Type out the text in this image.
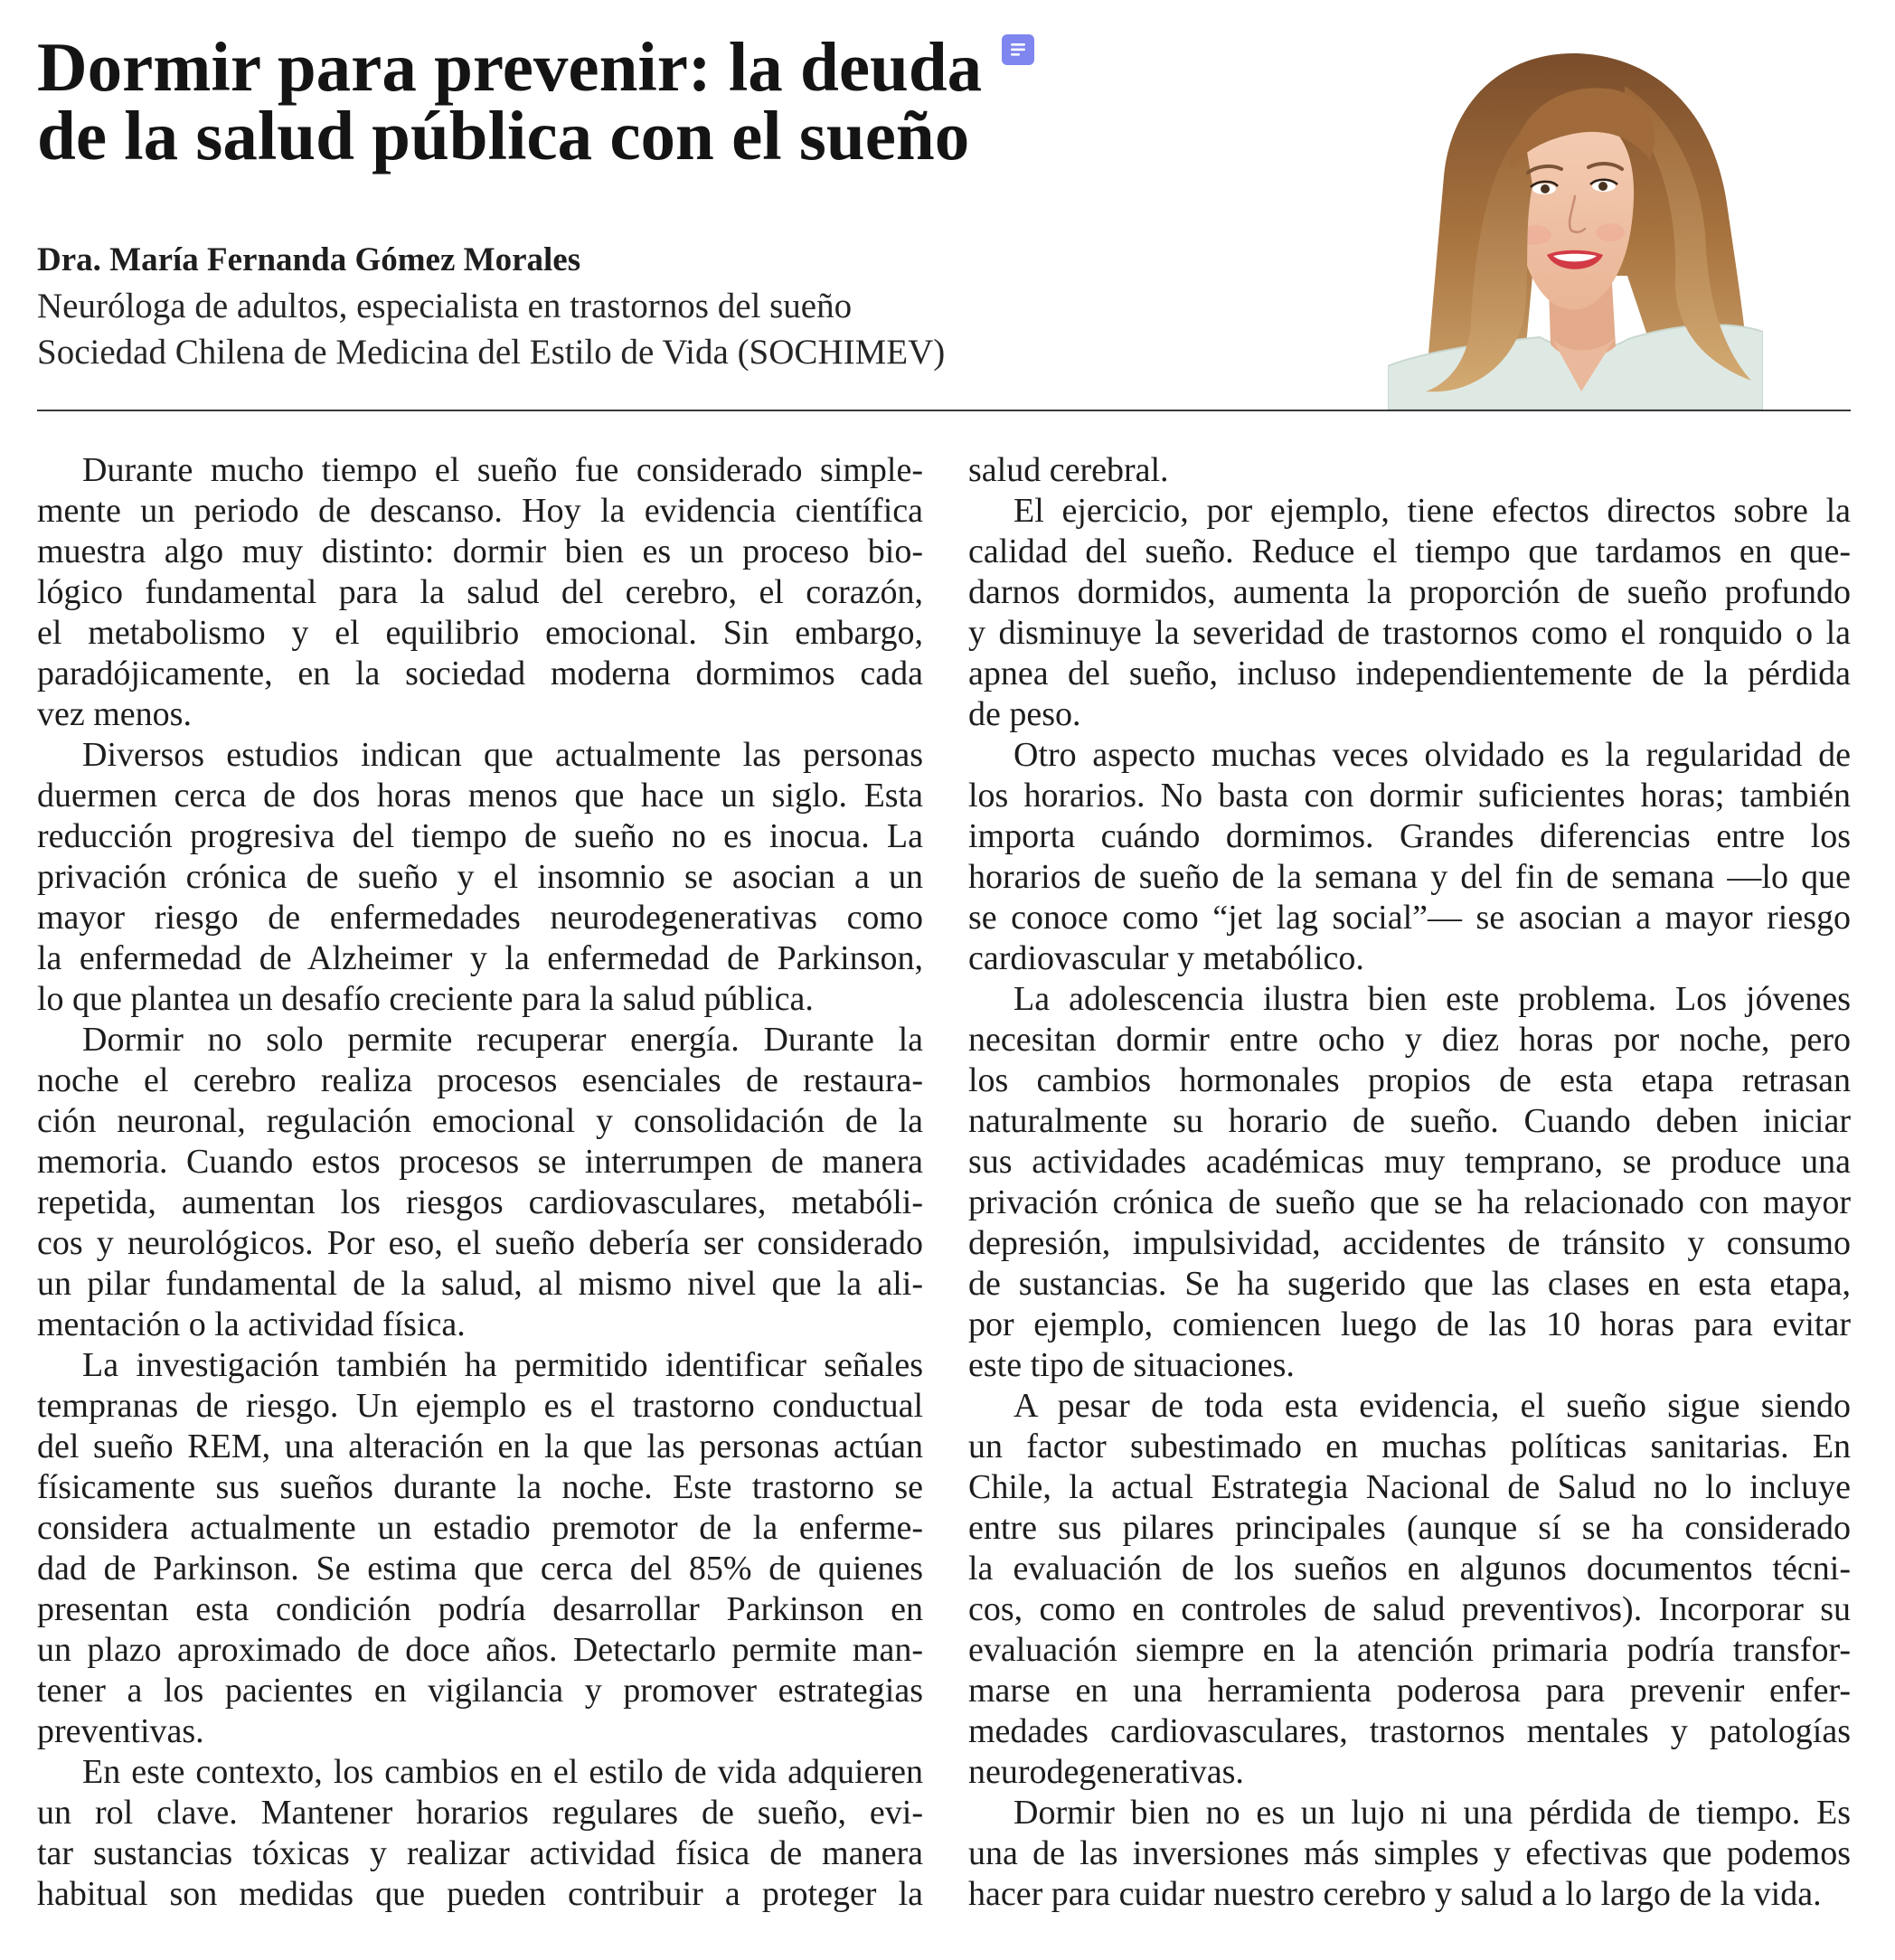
Dormir para prevenir: la deuda
de la salud pública con el sueño
Dra. María Fernanda Gómez Morales
Neuróloga de adultos, especialista en trastornos del sueño
Sociedad Chilena de Medicina del Estilo de Vida (SOCHIMEV)
Durante mucho tiempo el sueño fue considerado simple-
mente un periodo de descanso. Hoy la evidencia científica
muestra algo muy distinto: dormir bien es un proceso bio-
lógico fundamental para la salud del cerebro, el corazón,
el metabolismo y el equilibrio emocional. Sin embargo,
paradójicamente, en la sociedad moderna dormimos cada
vez menos.
Diversos estudios indican que actualmente las personas
duermen cerca de dos horas menos que hace un siglo. Esta
reducción progresiva del tiempo de sueño no es inocua. La
privación crónica de sueño y el insomnio se asocian a un
mayor riesgo de enfermedades neurodegenerativas como
la enfermedad de Alzheimer y la enfermedad de Parkinson,
lo que plantea un desafío creciente para la salud pública.
Dormir no solo permite recuperar energía. Durante la
noche el cerebro realiza procesos esenciales de restaura-
ción neuronal, regulación emocional y consolidación de la
memoria. Cuando estos procesos se interrumpen de manera
repetida, aumentan los riesgos cardiovasculares, metabóli-
cos y neurológicos. Por eso, el sueño debería ser considerado
un pilar fundamental de la salud, al mismo nivel que la ali-
mentación o la actividad física.
La investigación también ha permitido identificar señales
tempranas de riesgo. Un ejemplo es el trastorno conductual
del sueño REM, una alteración en la que las personas actúan
físicamente sus sueños durante la noche. Este trastorno se
considera actualmente un estadio premotor de la enferme-
dad de Parkinson. Se estima que cerca del 85% de quienes
presentan esta condición podría desarrollar Parkinson en
un plazo aproximado de doce años. Detectarlo permite man-
tener a los pacientes en vigilancia y promover estrategias
preventivas.
En este contexto, los cambios en el estilo de vida adquieren
un rol clave. Mantener horarios regulares de sueño, evi-
tar sustancias tóxicas y realizar actividad física de manera
habitual son medidas que pueden contribuir a proteger la
salud cerebral.
El ejercicio, por ejemplo, tiene efectos directos sobre la
calidad del sueño. Reduce el tiempo que tardamos en que-
darnos dormidos, aumenta la proporción de sueño profundo
y disminuye la severidad de trastornos como el ronquido o la
apnea del sueño, incluso independientemente de la pérdida
de peso.
Otro aspecto muchas veces olvidado es la regularidad de
los horarios. No basta con dormir suficientes horas; también
importa cuándo dormimos. Grandes diferencias entre los
horarios de sueño de la semana y del fin de semana —lo que
se conoce como “jet lag social”— se asocian a mayor riesgo
cardiovascular y metabólico.
La adolescencia ilustra bien este problema. Los jóvenes
necesitan dormir entre ocho y diez horas por noche, pero
los cambios hormonales propios de esta etapa retrasan
naturalmente su horario de sueño. Cuando deben iniciar
sus actividades académicas muy temprano, se produce una
privación crónica de sueño que se ha relacionado con mayor
depresión, impulsividad, accidentes de tránsito y consumo
de sustancias. Se ha sugerido que las clases en esta etapa,
por ejemplo, comiencen luego de las 10 horas para evitar
este tipo de situaciones.
A pesar de toda esta evidencia, el sueño sigue siendo
un factor subestimado en muchas políticas sanitarias. En
Chile, la actual Estrategia Nacional de Salud no lo incluye
entre sus pilares principales (aunque sí se ha considerado
la evaluación de los sueños en algunos documentos técni-
cos, como en controles de salud preventivos). Incorporar su
evaluación siempre en la atención primaria podría transfor-
marse en una herramienta poderosa para prevenir enfer-
medades cardiovasculares, trastornos mentales y patologías
neurodegenerativas.
Dormir bien no es un lujo ni una pérdida de tiempo. Es
una de las inversiones más simples y efectivas que podemos
hacer para cuidar nuestro cerebro y salud a lo largo de la vida.
